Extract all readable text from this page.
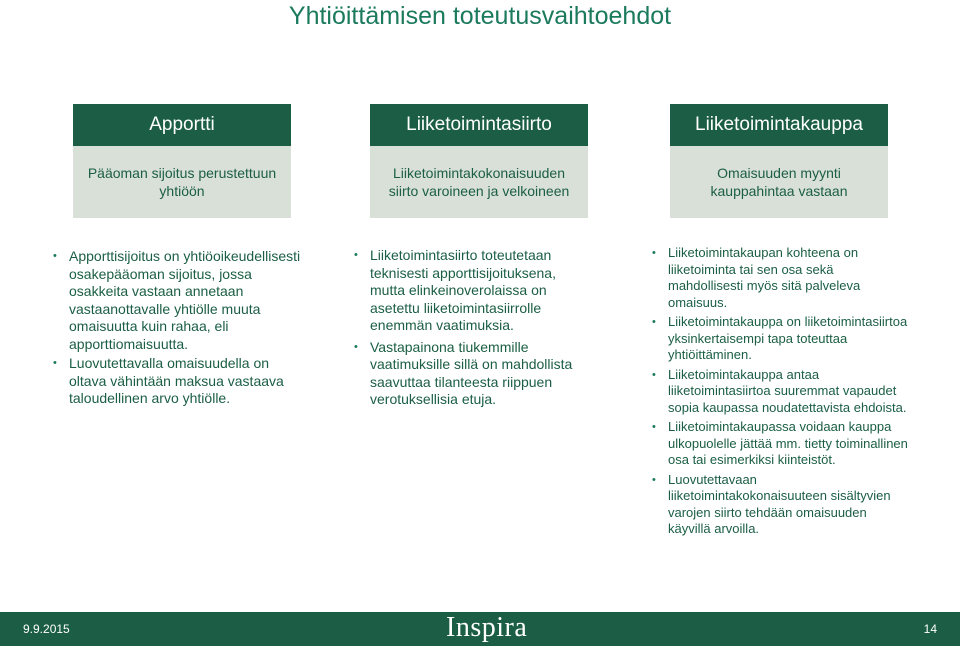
Yhtiöittämisen toteutusvaihtoehdot
Apportti
Pääoman sijoitus perustettuun yhtiöön
Liiketoimintasiirto
Liiketoimintakokonaisuuden siirto varoineen ja velkoineen
Liiketoimintakauppa
Omaisuuden myynti kauppahintaa vastaan
• Apporttisijoitus on yhtiöoikeudellisesti osakepääoman sijoitus, jossa osakkeita vastaan annetaan vastaanottavalle yhtiölle muuta omaisuutta kuin rahaa, eli apporttiomaisuutta.
• Luovutettavalla omaisuudella on oltava vähintään maksua vastaava taloudellinen arvo yhtiölle.
• Liiketoimintasiirto toteutetaan teknisesti apporttisijoituksena, mutta elinkeinoverolaissa on asetettu liiketoimintasiirrolle enemmän vaatimuksia.
• Vastapainona tiukemmille vaatimuksille sillä on mahdollista saavuttaa tilanteesta riippuen verotuksellisia etuja.
• Liiketoimintakaupan kohteena on liiketoiminta tai sen osa sekä mahdollisesti myös sitä palveleva omaisuus.
• Liiketoimintakauppa on liiketoimintasiirtoa yksinkertaisempi tapa toteuttaa yhtiöittäminen.
• Liiketoimintakauppa antaa liiketoimintasiirtoa suuremmat vapaudet sopia kaupassa noudatettavista ehdoista.
• Liiketoimintakaupassa voidaan kauppa ulkopuolelle jättää mm. tietty toiminallinen osa tai esimerkiksi kiinteistöt.
• Luovutettavaan liiketoimintakokonaisuuteen sisältyvien varojen siirto tehdään omaisuuden käyvillä arvoilla.
9.9.2015	Inspira	14
